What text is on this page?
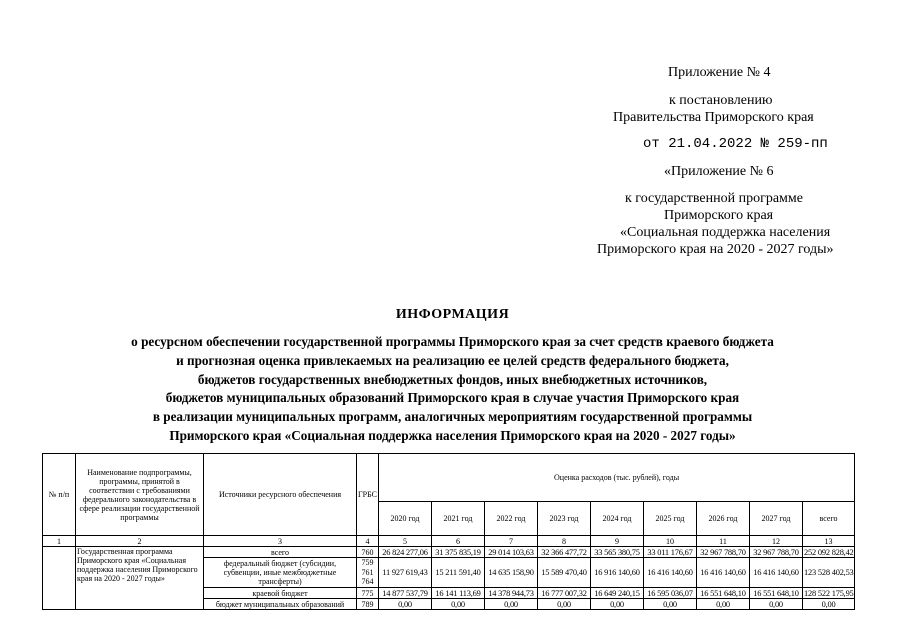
Приложение № 4
к постановлению
Правительства Приморского края
от 21.04.2022 № 259-пп
«Приложение № 6
к государственной программе
Приморского края
«Социальная поддержка населения
Приморского края на 2020 - 2027 годы»
ИНФОРМАЦИЯ
о ресурсном обеспечении государственной программы Приморского края за счет средств краевого бюджета
и прогнозная оценка привлекаемых на реализацию ее целей средств федерального бюджета,
бюджетов государственных внебюджетных фондов, иных внебюджетных источников,
бюджетов муниципальных образований Приморского края в случае участия Приморского края
в реализации муниципальных программ, аналогичных мероприятиям государственной программы
Приморского края «Социальная поддержка населения Приморского края на 2020 - 2027 годы»
№ п/п	Наименование подпрограммы, программы, принятой в соответствии с требованиями федерального законодательства в сфере реализации государственной программы	Источники ресурсного обеспечения	ГРБС	Оценка расходов (тыс. рублей), годы								
				2020 год	2021 год	2022 год	2023 год	2024 год	2025 год	2026 год	2027 год	всего
1	2	3	4	5	6	7	8	9	10	11	12	13
	Государственная программа Приморского края «Социальная поддержка населения Приморского края на 2020 - 2027 годы»	всего	760	26 824 277,06	31 375 835,19	29 014 103,63	32 366 477,72	33 565 380,75	33 011 176,67	32 967 788,70	32 967 788,70	252 092 828,42
		федеральный бюджет (субсидии, субвенции, иные межбюджетные трансферты)	759
761
764	11 927 619,43	15 211 591,40	14 635 158,90	15 589 470,40	16 916 140,60	16 416 140,60	16 416 140,60	16 416 140,60	123 528 402,53
		краевой бюджет	775	14 877 537,79	16 141 113,69	14 378 944,73	16 777 007,32	16 649 240,15	16 595 036,07	16 551 648,10	16 551 648,10	128 522 175,95
		бюджет муниципальных образований	789	0,00	0,00	0,00	0,00	0,00	0,00	0,00	0,00	0,00
